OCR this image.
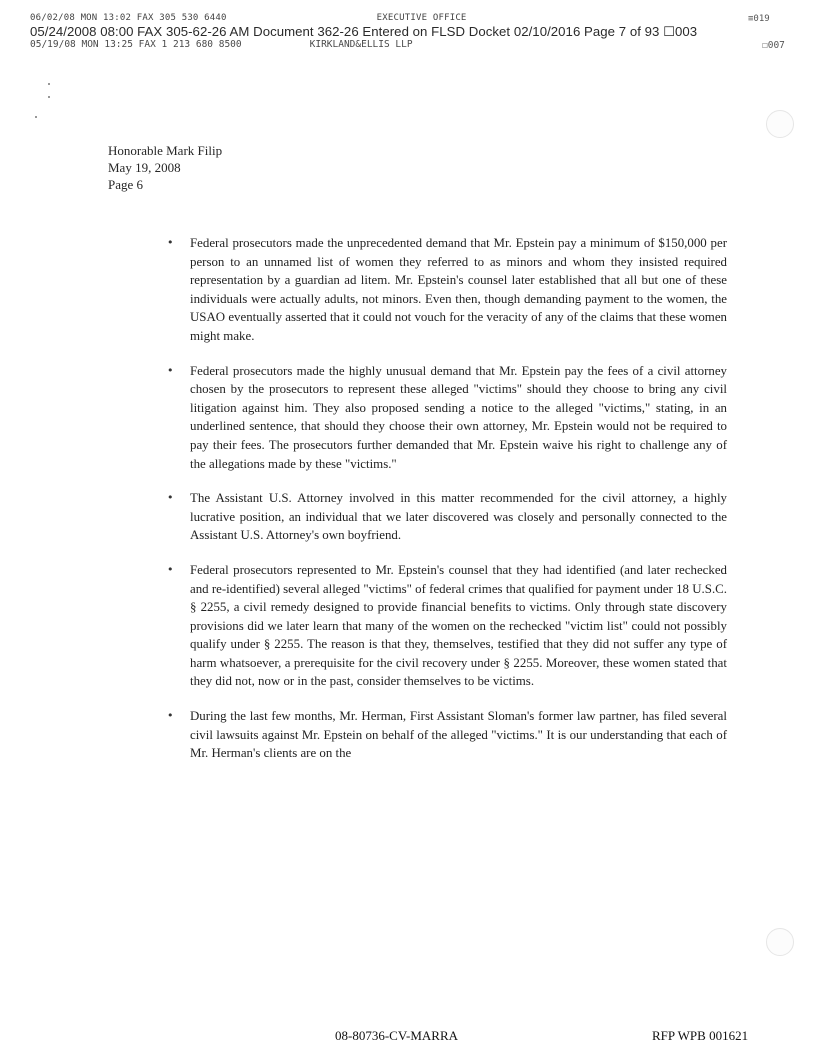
06/02/08 MON 13:02 FAX 305 530 6440	EXECUTIVE OFFICE	≡019
05/24/2008 08:00 FAX 305-62-26 AM Document 362-26 Entered on FLSD Docket 02/10/2016 Page 7 of 93 ☐003
05/19/08 MON 13:25 FAX 1 213 680 8500	KIRKLAND&ELLIS LLP	☐007
Honorable Mark Filip
May 19, 2008
Page 6
• Federal prosecutors made the unprecedented demand that Mr. Epstein pay a minimum of $150,000 per person to an unnamed list of women they referred to as minors and whom they insisted required representation by a guardian ad litem. Mr. Epstein's counsel later established that all but one of these individuals were actually adults, not minors. Even then, though demanding payment to the women, the USAO eventually asserted that it could not vouch for the veracity of any of the claims that these women might make.
• Federal prosecutors made the highly unusual demand that Mr. Epstein pay the fees of a civil attorney chosen by the prosecutors to represent these alleged "victims" should they choose to bring any civil litigation against him. They also proposed sending a notice to the alleged "victims," stating, in an underlined sentence, that should they choose their own attorney, Mr. Epstein would not be required to pay their fees. The prosecutors further demanded that Mr. Epstein waive his right to challenge any of the allegations made by these "victims."
• The Assistant U.S. Attorney involved in this matter recommended for the civil attorney, a highly lucrative position, an individual that we later discovered was closely and personally connected to the Assistant U.S. Attorney's own boyfriend.
• Federal prosecutors represented to Mr. Epstein's counsel that they had identified (and later rechecked and re-identified) several alleged "victims" of federal crimes that qualified for payment under 18 U.S.C. § 2255, a civil remedy designed to provide financial benefits to victims. Only through state discovery provisions did we later learn that many of the women on the rechecked "victim list" could not possibly qualify under § 2255. The reason is that they, themselves, testified that they did not suffer any type of harm whatsoever, a prerequisite for the civil recovery under § 2255. Moreover, these women stated that they did not, now or in the past, consider themselves to be victims.
• During the last few months, Mr. Herman, First Assistant Sloman's former law partner, has filed several civil lawsuits against Mr. Epstein on behalf of the alleged "victims." It is our understanding that each of Mr. Herman's clients are on the
08-80736-CV-MARRA	RFP WPB 001621
